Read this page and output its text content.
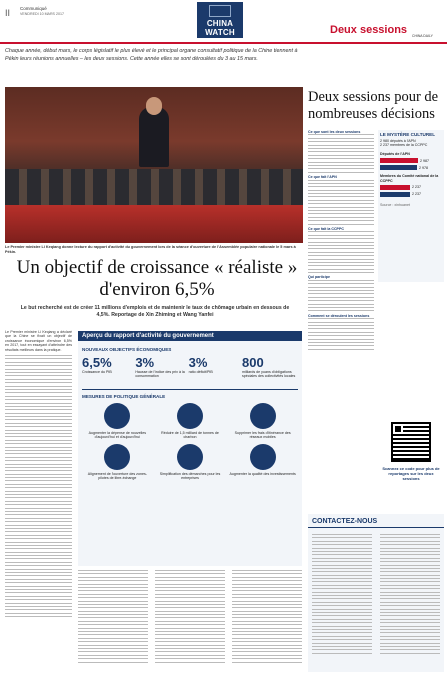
II Communiqué
VENDREDI 10 MARS 2017
CHINA WATCH	Deux sessions CHINA DAILY
Chaque année, début mars, le corps législatif le plus élevé et le principal organe consultatif politique de la Chine tiennent à Pékin leurs réunions annuelles – les deux sessions. Cette année elles se sont déroulées du 3 au 15 mars.
Le Premier ministre Li Keqiang donne lecture du rapport d'activité du gouvernement lors de la séance d'ouverture de l'Assemblée populaire nationale le 5 mars à Pékin.
Un objectif de croissance « réaliste » d'environ 6,5%
Le but recherché est de créer 11 millions d'emplois et de maintenir le taux de chômage urbain en dessous de 4,5%. Reportage de Xin Zhiming et Wang Yanfei
Le Premier ministre Li Keqiang a déclaré que la Chine se fixait un objectif de croissance économique d'environ 6,5% en 2017, tout en essayant d'atteindre des résultats meilleurs dans la pratique.
Aperçu du rapport d'activité du gouvernement
NOUVEAUX OBJECTIFS ÉCONOMIQUES
6,5%
Croissance du PIB
3%
Hausse de l'indice des prix à la consommation
3%
ratio déficit/PIB
800
milliards de yuans d'obligations spéciales des collectivités locales
MESURES DE POLITIQUE GÉNÉRALE
Augmenter la dépense de nouvelles d'aujourd'hui et d'aujourd'hui
Réduire de 1,5 milliard de tonnes de charbon
Supprimer les frais d'itinérance des réseaux mobiles
Alignement de l'ouverture des zones-pilotes de libre-échange
Simplification des démarches pour les entreprises
Augmenter la qualité des investissements
Deux sessions pour de nombreuses décisions
Ce que sont les deux sessions
Ce que fait l'APN
Ce que fait la CCPPC
Qui participe
Comment se déroulent les sessions
LE MYSTÈRE CULTUREL
2 980 députés à l'APN
2 237 membres de la CCPPC
Députés de l'APN
2 987
2 978
Membres du Comité national de la CCPPC
2 237
2 237
Source : xinhuanet
Scannez ce code pour plus de reportages sur les deux sessions
CONTACTEZ-NOUS
